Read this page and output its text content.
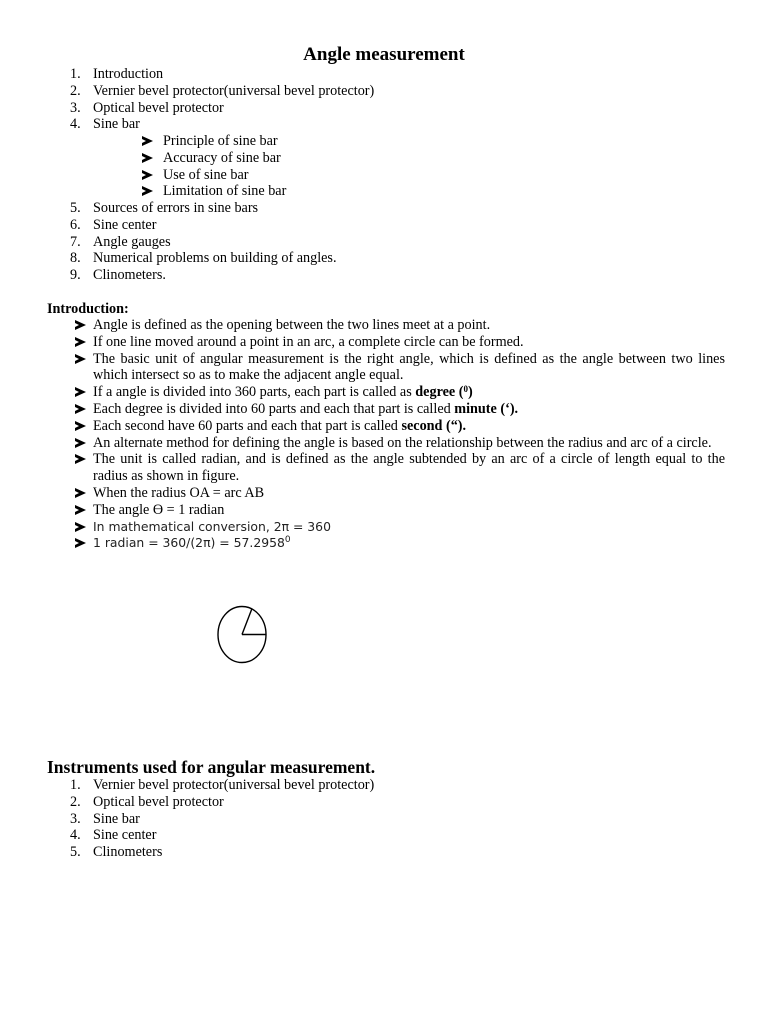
Angle measurement
1. Introduction
2. Vernier bevel protector(universal bevel protector)
3. Optical bevel protector
4. Sine bar
Principle of sine bar
Accuracy of sine bar
Use of sine bar
Limitation of sine bar
5. Sources of errors in sine bars
6. Sine center
7. Angle gauges
8. Numerical problems on building of angles.
9. Clinometers.
Introduction:
Angle is defined as the opening between the two lines meet at a point.
If one line moved around a point in an arc, a complete circle can be formed.
The basic unit of angular measurement is the right angle, which is defined as the angle between two lines which intersect so as to make the adjacent angle equal.
If a angle is divided into 360 parts, each part is called as degree ($^0$)
Each degree is divided into 60 parts and each that part is called minute (‘).
Each second have 60 parts and each that part is called second (“).
An alternate method for defining the angle is based on the relationship between the radius and arc of a circle.
The unit is called radian, and is defined as the angle subtended by an arc of a circle of length equal to the radius as shown in figure.
When the radius OA = arc AB
The angle ϴ = 1 radian
In mathematical conversion, 2π = 360
1 radian = $360/(2\pi) = 57.2958^0$
Instruments used for angular measurement.
1. Vernier bevel protector(universal bevel protector)
2. Optical bevel protector
3. Sine bar
4. Sine center
5. Clinometers
